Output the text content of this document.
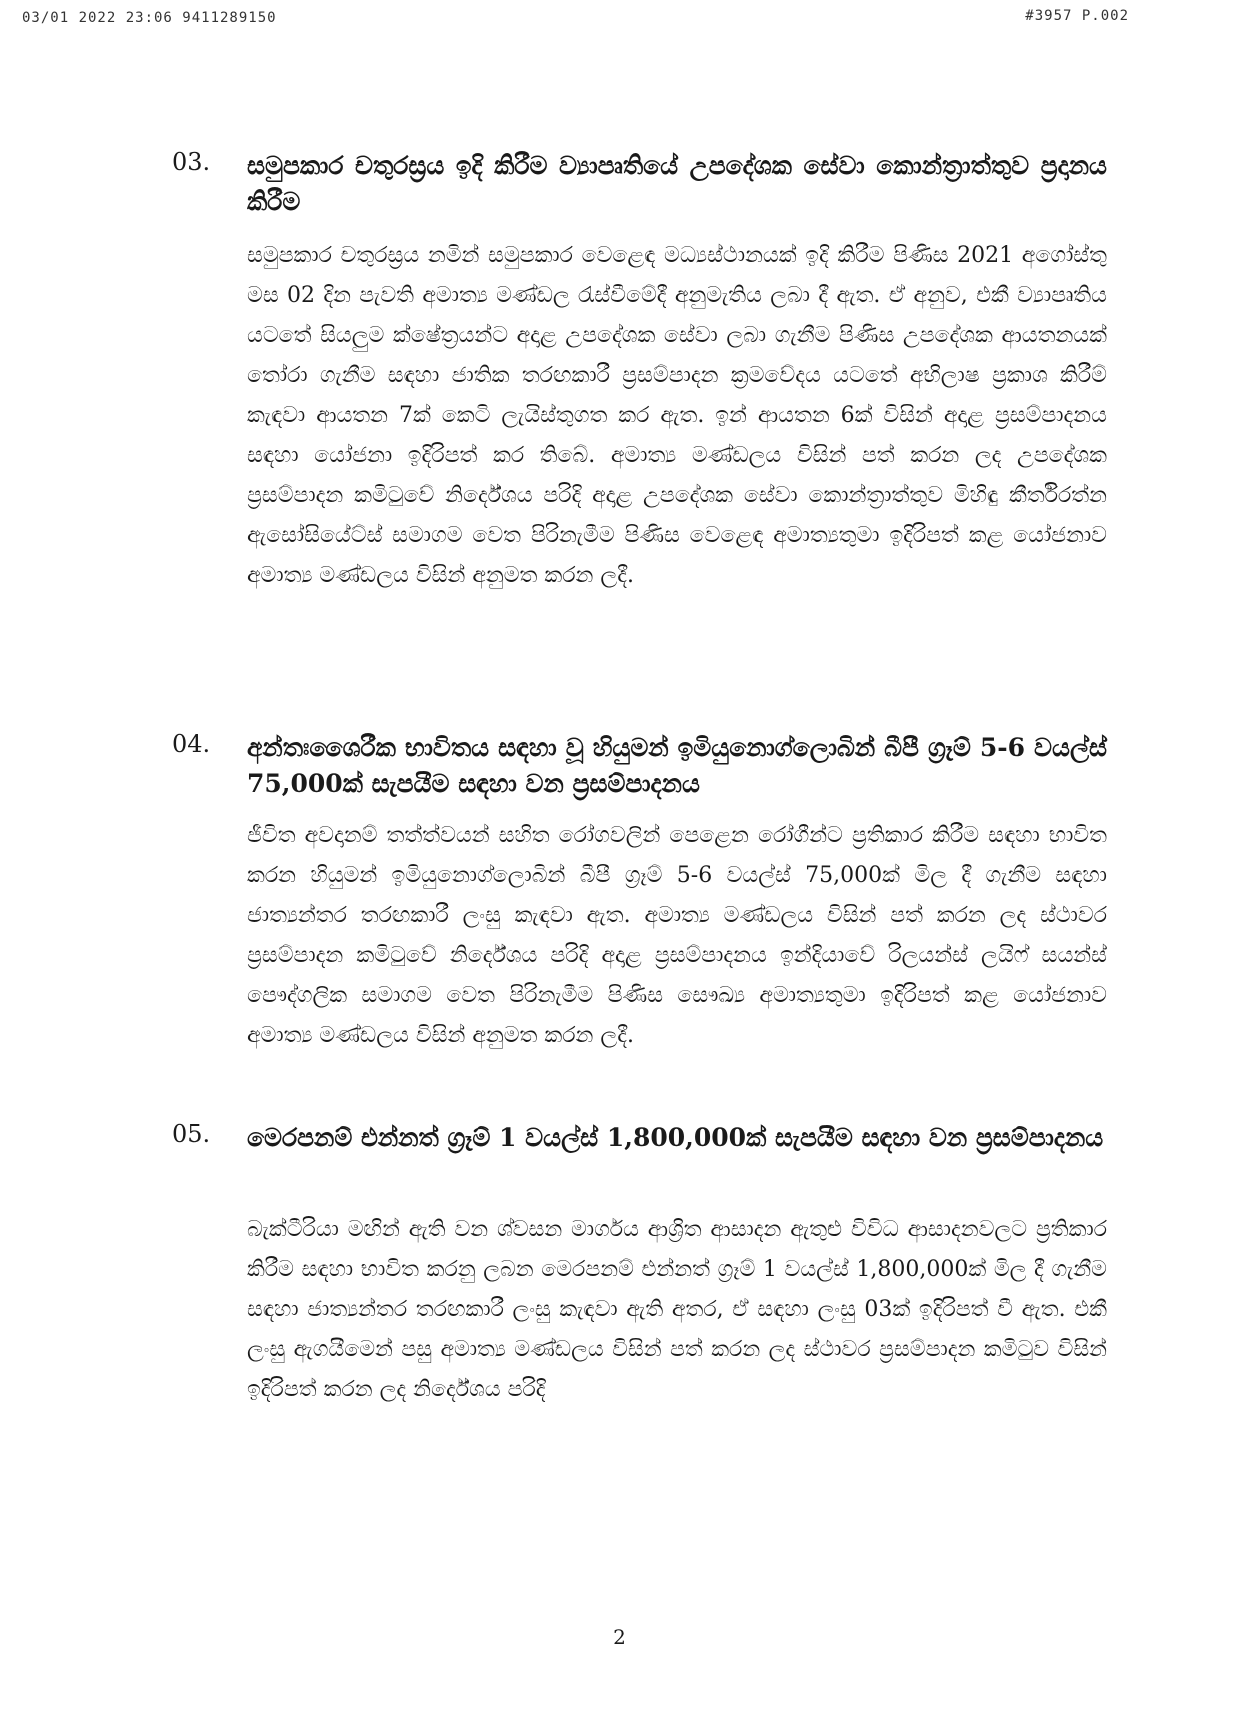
03/01 2022 23:06 9411289150	#3957 P.002
03. සමුපකාර චතුරස්‍රය ඉදි කිරීම ව්‍යාපෘතියේ උපදේශක සේවා කොන්ත්‍රාත්තුව ප්‍රදානය කිරීම
සමුපකාර චතුරස්‍රය නමින් සමුපකාර වෙළෙඳ මධ්‍යස්ථානයක් ඉදි කිරීම පිණිස 2021 අගෝස්තු මස 02 දින පැවති අමාත්‍ය මණ්ඩල රැස්වීමේදී අනුමැතිය ලබා දී ඇත. ඒ අනුව, එකී ව්‍යාපෘතිය යටතේ සියලුම ක්ෂේත්‍රයන්ට අදාළ උපදේශක සේවා ලබා ගැනීම පිණිස උපදේශක ආයතනයක් තෝරා ගැනීම සඳහා ජාතික තරඟකාරී ප්‍රසම්පාදන ක්‍රමවේදය යටතේ අභිලාෂ ප්‍රකාශ කිරීම් කැඳවා ආයතන 7ක් කෙටි ලැයිස්තුගත කර ඇත. ඉන් ආයතන 6ක් විසින් අදාළ ප්‍රසම්පාදනය සඳහා යෝජනා ඉදිරිපත් කර තිබේ. අමාත්‍ය මණ්ඩලය විසින් පත් කරන ලද උපදේශක ප්‍රසම්පාදන කමිටුවේ නිර්දේශය පරිදි අදාළ උපදේශක සේවා කොන්ත්‍රාත්තුව මිහිඳු කීර්තිරත්න ඇසෝසියේට්ස් සමාගම වෙත පිරිනැමීම පිණිස වෙළෙඳ අමාත්‍යතුමා ඉදිරිපත් කළ යෝජනාව අමාත්‍ය මණ්ඩලය විසින් අනුමත කරන ලදී.
04. අන්තඃශෛරීක භාවිතය සඳහා වූ හියුමන් ඉමියුනොග්ලොබින් බීපී ග්‍රෑම් 5-6 වයල්ස් 75,000ක් සැපයීම සඳහා වන ප්‍රසම්පාදනය
ජීවිත අවදානම් තත්ත්වයන් සහිත රෝගවලින් පෙළෙන රෝගීන්ට ප්‍රතිකාර කිරීම සඳහා භාවිත කරන හියුමන් ඉමියුනොග්ලොබින් බීපී ග්‍රෑම් 5-6 වයල්ස් 75,000ක් මිල දී ගැනීම සඳහා ජාත්‍යන්තර තරඟකාරී ලංසු කැඳවා ඇත. අමාත්‍ය මණ්ඩලය විසින් පත් කරන ලද ස්ථාවර ප්‍රසම්පාදන කමිටුවේ නිර්දේශය පරිදි අදාළ ප්‍රසම්පාදනය ඉන්දියාවේ රිලයන්ස් ලයිෆ් සයන්ස් පෞද්ගලික සමාගම වෙත පිරිනැමීම පිණිස සෞඛ්‍ය අමාත්‍යතුමා ඉදිරිපත් කළ යෝජනාව අමාත්‍ය මණ්ඩලය විසින් අනුමත කරන ලදී.
05. මෙරපනම් එන්නත් ග්‍රෑම් 1 වයල්ස් 1,800,000ක් සැපයීම සඳහා වන ප්‍රසම්පාදනය
බැක්ටීරියා මඟින් ඇති වන ශ්වසන මාර්ගය ආශ්‍රිත ආසාදන ඇතුළු විවිධ ආසාදනවලට ප්‍රතිකාර කිරීම සඳහා භාවිත කරනු ලබන මෙරපනම් එන්නත් ග්‍රෑම් 1 වයල්ස් 1,800,000ක් මිල දී ගැනීම සඳහා ජාත්‍යන්තර තරඟකාරී ලංසු කැඳවා ඇති අතර, ඒ සඳහා ලංසු 03ක් ඉදිරිපත් වී ඇත. එකී ලංසු ඇගයීමෙන් පසු අමාත්‍ය මණ්ඩලය විසින් පත් කරන ලද ස්ථාවර ප්‍රසම්පාදන කමිටුව විසින් ඉදිරිපත් කරන ලද නිර්දේශය පරිදි
2
